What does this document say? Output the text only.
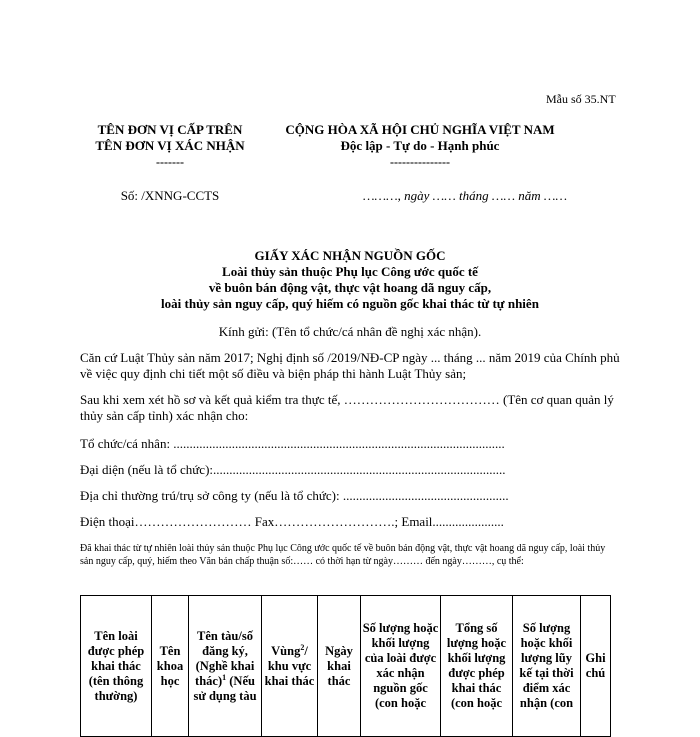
Mẫu số 35.NT
TÊN ĐƠN VỊ CẤP TRÊN
TÊN ĐƠN VỊ XÁC NHẬN
-------
Số: /XNNG-CCTS
CỘNG HÒA XÃ HỘI CHỦ NGHĨA VIỆT NAM
Độc lập - Tự do - Hạnh phúc
---------------
………, ngày …… tháng …… năm ……
GIẤY XÁC NHẬN NGUỒN GỐC
Loài thủy sản thuộc Phụ lục Công ước quốc tế
về buôn bán động vật, thực vật hoang dã nguy cấp,
loài thủy sản nguy cấp, quý hiếm có nguồn gốc khai thác từ tự nhiên
Kính gửi: (Tên tổ chức/cá nhân đề nghị xác nhận).
Căn cứ Luật Thủy sản năm 2017; Nghị định số /2019/NĐ-CP ngày ... tháng ... năm 2019 của Chính phủ về việc quy định chi tiết một số điều và biện pháp thi hành Luật Thủy sản;
Sau khi xem xét hồ sơ và kết quả kiểm tra thực tế, ……………………………… (Tên cơ quan quản lý thủy sản cấp tỉnh) xác nhận cho:
Tổ chức/cá nhân: ......................................................................................................
Đại diện (nếu là tổ chức):..........................................................................................
Địa chỉ thường trú/trụ sở công ty (nếu là tổ chức): ...................................................
Điện thoại……………………… Fax……………………….; Email......................
Đã khai thác từ tự nhiên loài thủy sản thuộc Phụ lục Công ước quốc tế về buôn bán động vật, thực vật hoang dã nguy cấp, loài thủy sản nguy cấp, quý, hiếm theo Văn bản chấp thuận số:…… có thời hạn từ ngày……… đến ngày………, cụ thể:
Tên loài được phép khai thác (tên thông thường)	Tên khoa học	Tên tàu/số đăng ký, (Nghề khai thác)$^1$ (Nếu sử dụng tàu	Vùng$^2$/ khu vực khai thác	Ngày khai thác	Số lượng hoặc khối lượng của loài được xác nhận nguồn gốc (con hoặc	Tổng số lượng hoặc khối lượng được phép khai thác (con hoặc	Số lượng hoặc khối lượng lũy kế tại thời điểm xác nhận (con	Ghi chú
